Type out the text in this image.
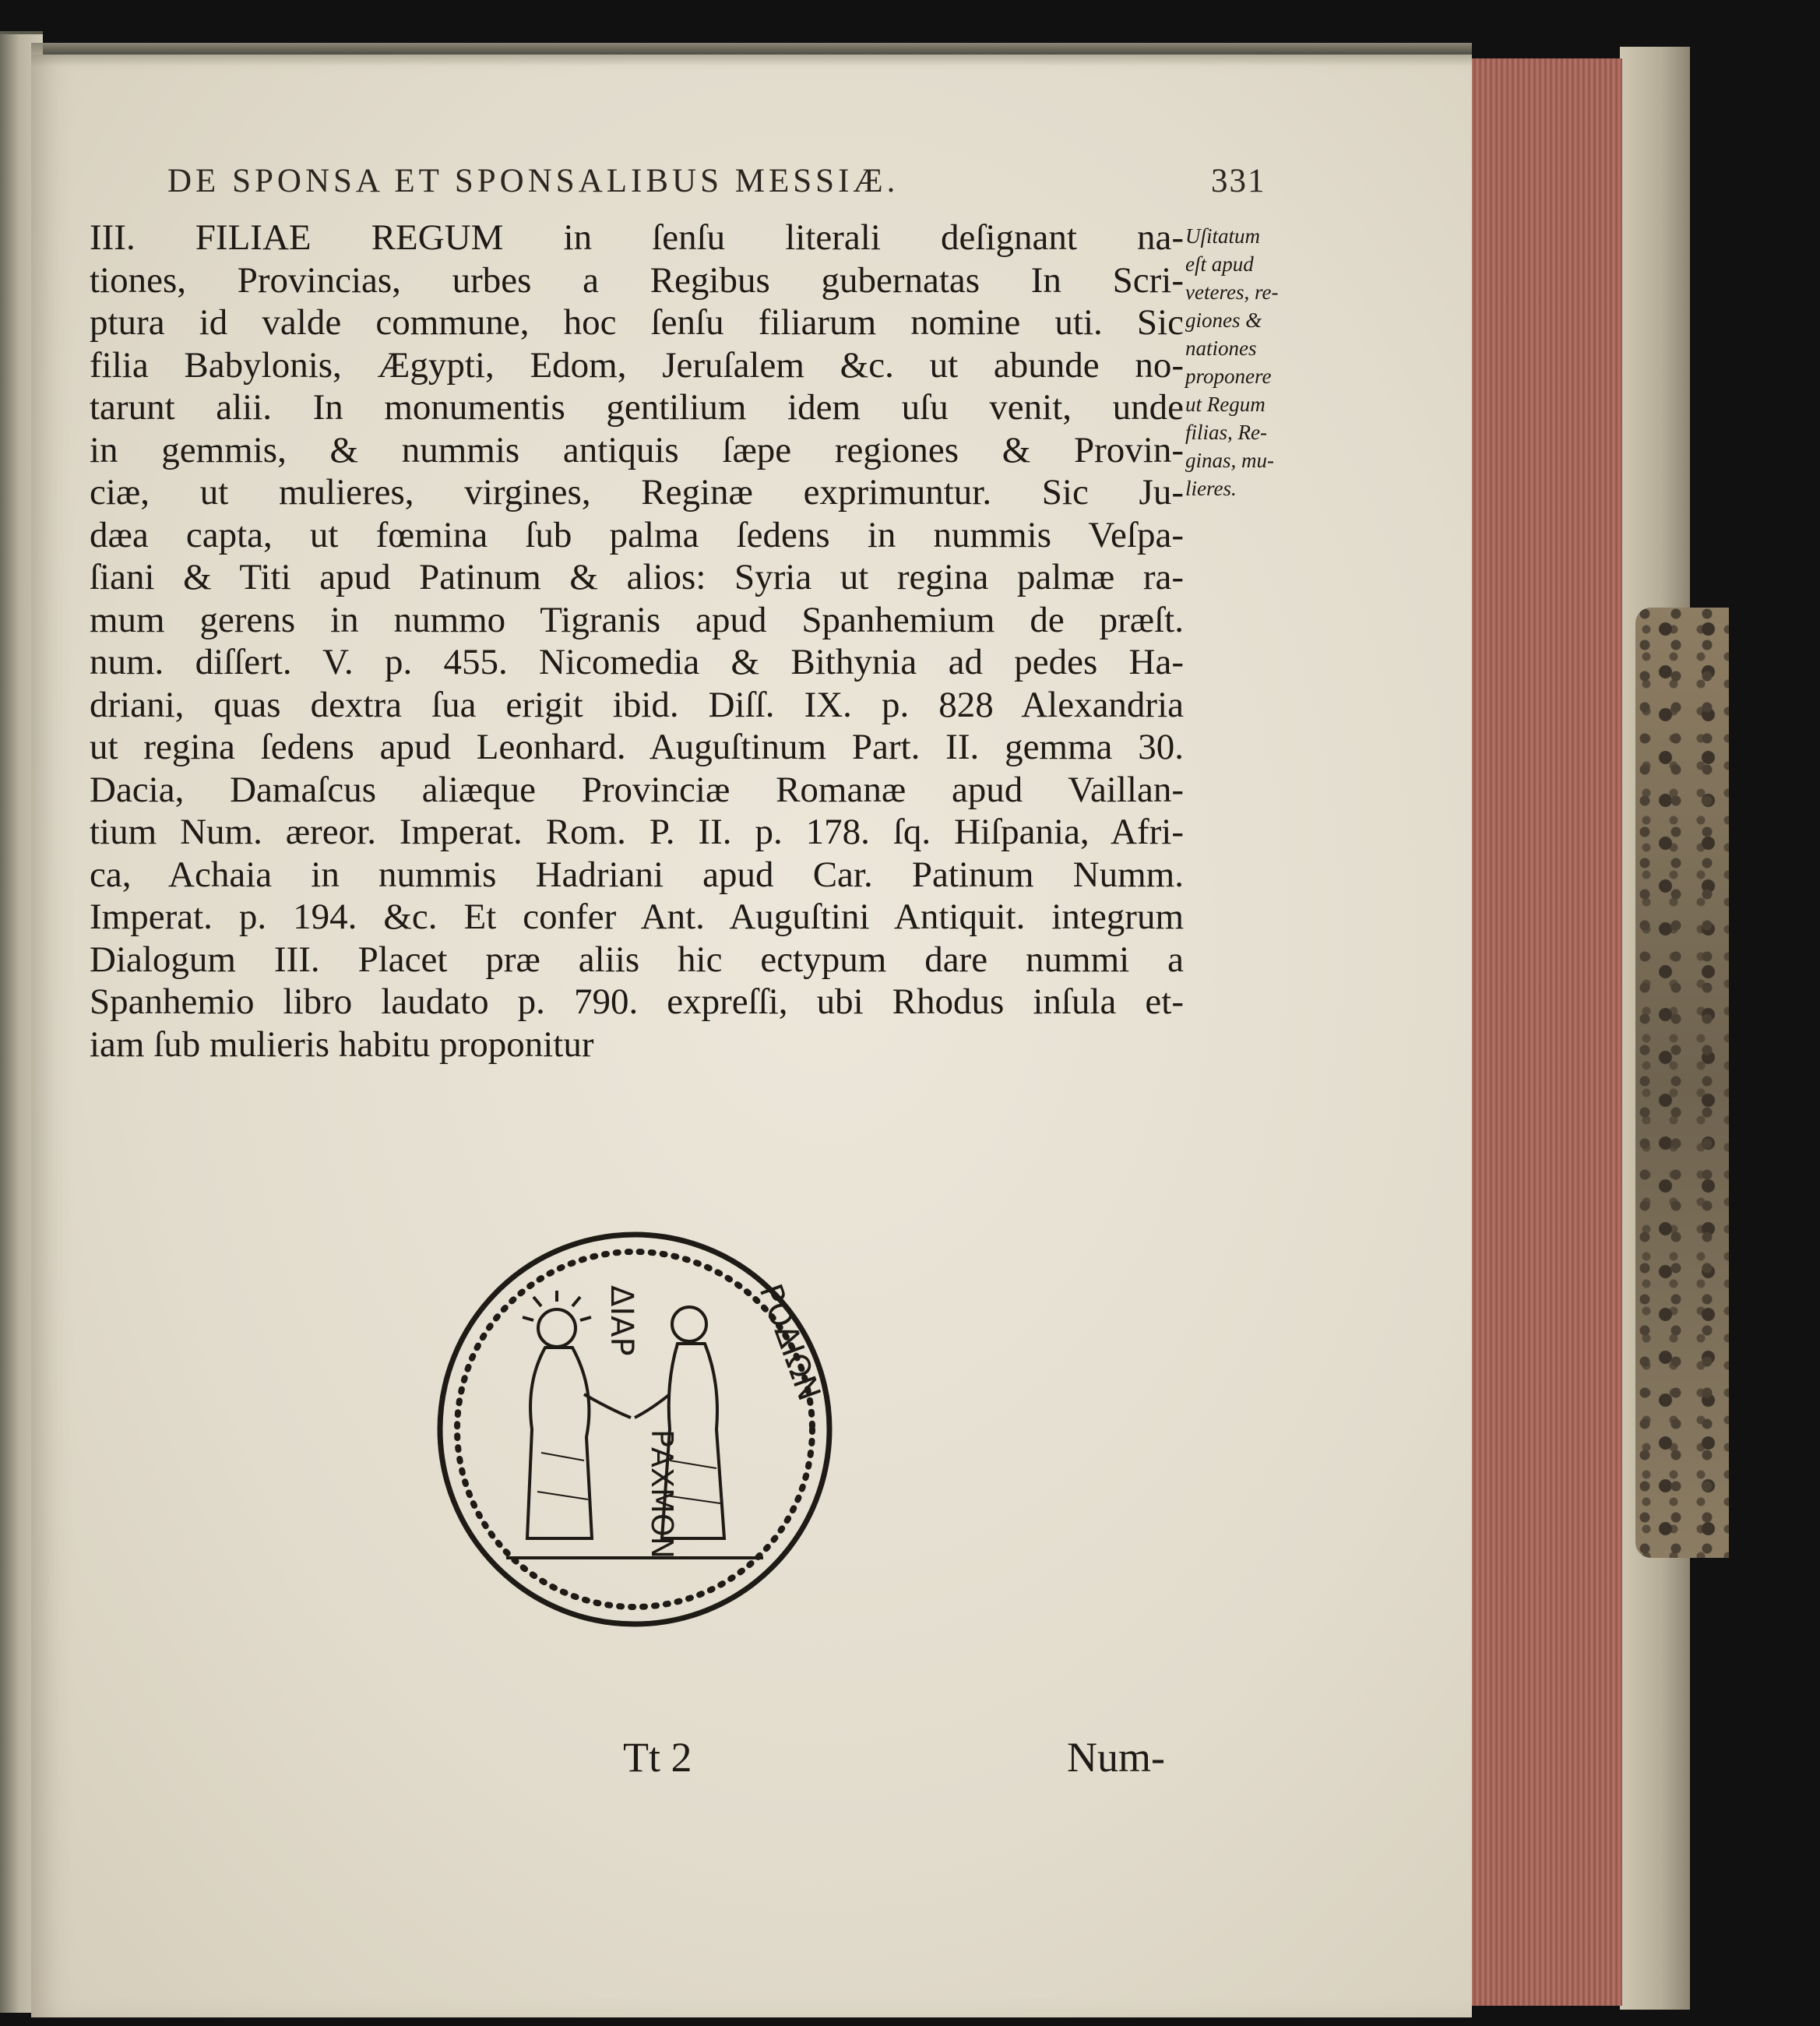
DE SPONSA ET SPONSALIBUS MESSIÆ.	331
III. FILIAE REGUM in ſenſu literali deſignant na-
tiones, Provincias, urbes a Regibus gubernatas In Scri-
ptura id valde commune, hoc ſenſu filiarum nomine uti. Sic
filia Babylonis, Ægypti, Edom, Jeruſalem &c. ut abunde no-
tarunt alii. In monumentis gentilium idem uſu venit, unde
in gemmis, & nummis antiquis ſæpe regiones & Provin-
ciæ, ut mulieres, virgines, Reginæ exprimuntur. Sic Ju-
dæa capta, ut fœmina ſub palma ſedens in nummis Veſpa-
ſiani & Titi apud Patinum & alios: Syria ut regina palmæ ra-
mum gerens in nummo Tigranis apud Spanhemium de præſt.
num. diſſert. V. p. 455. Nicomedia & Bithynia ad pedes Ha-
driani, quas dextra ſua erigit ibid. Diſſ. IX. p. 828 Alexandria
ut regina ſedens apud Leonhard. Auguſtinum Part. II. gemma 30.
Dacia, Damaſcus aliæque Provinciæ Romanæ apud Vaillan-
tium Num. æreor. Imperat. Rom. P. II. p. 178. ſq. Hiſpania, Afri-
ca, Achaia in nummis Hadriani apud Car. Patinum Numm.
Imperat. p. 194. &c. Et confer Ant. Auguſtini Antiquit. integrum
Dialogum III. Placet præ aliis hic ectypum dare nummi a
Spanhemio libro laudato p. 790. expreſſi, ubi Rhodus inſula et-
iam ſub mulieris habitu proponitur
Uſitatum
eſt apud
veteres, re-
giones &
nationes
proponere
ut Regum
filias, Re-
ginas, mu-
lieres.
ΔΙΑΡ
ΡΑΧΜΟΝ
ΡΟΔΙΩΝ
Tt 2	Num-
